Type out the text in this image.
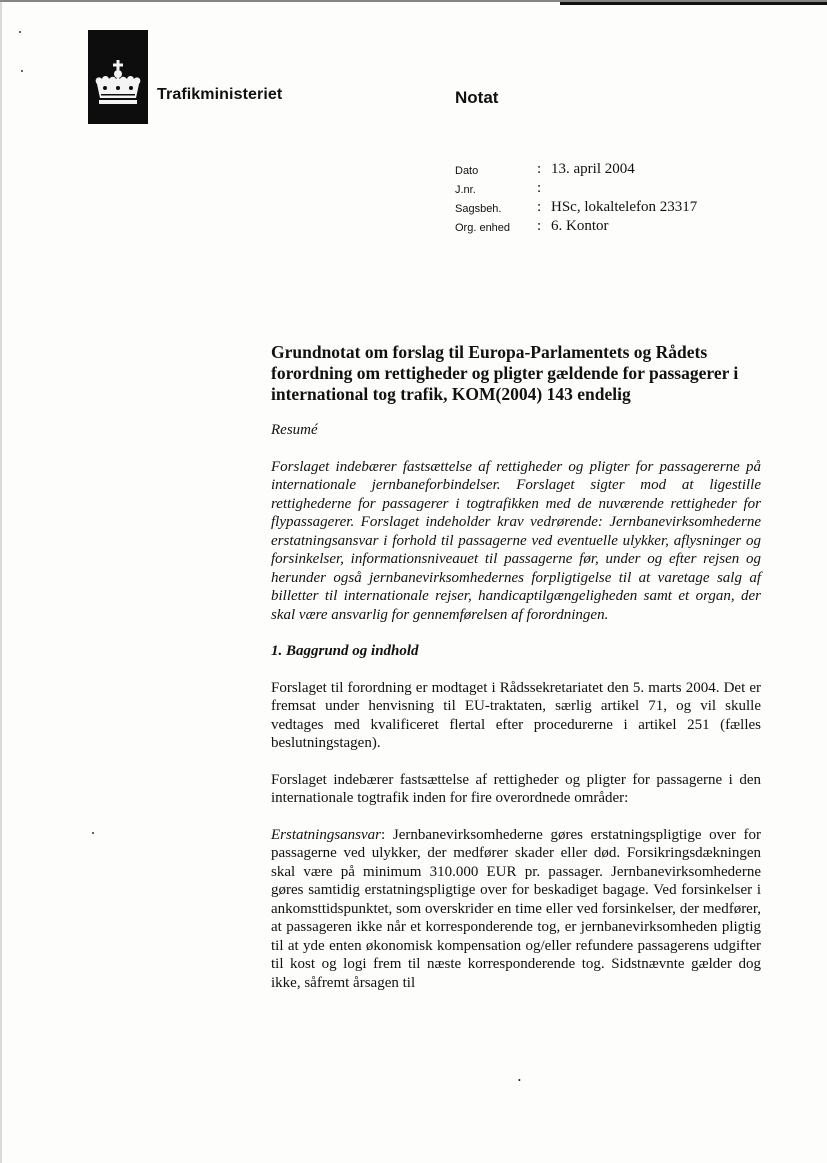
Trafikministeriet	Notat
Dato	: 13. april 2004
J.nr.	:
Sagsbeh. : HSc, lokaltelefon 23317
Org. enhed : 6. Kontor

Grundnotat om forslag til Europa-Parlamentets og Rådets forordning om rettigheder og pligter gældende for passagerer i international tog trafik, KOM(2004) 143 endelig

Resumé

Forslaget indebærer fastsættelse af rettigheder og pligter for passagererne på internationale jernbaneforbindelser. Forslaget sigter mod at ligestille rettighederne for passagerer i togtrafikken med de nuværende rettigheder for flypassagerer. Forslaget indeholder krav vedrørende: Jernbanevirksomhederne erstatningsansvar i forhold til passagerne ved eventuelle ulykker, aflysninger og forsinkelser, informationsniveauet til passagerne før, under og efter rejsen og herunder også jernbanevirksomhedernes forpligtigelse til at varetage salg af billetter til internationale rejser, handicaptilgængeligheden samt et organ, der skal være ansvarlig for gennemførelsen af forordningen.

1. Baggrund og indhold

Forslaget til forordning er modtaget i Rådssekretariatet den 5. marts 2004. Det er fremsat under henvisning til EU-traktaten, særlig artikel 71, og vil skulle vedtages med kvalificeret flertal efter procedurerne i artikel 251 (fælles beslutningstagen).

Forslaget indebærer fastsættelse af rettigheder og pligter for passagerne i den internationale togtrafik inden for fire overordnede områder:

Erstatningsansvar: Jernbanevirksomhederne gøres erstatningspligtige over for passagerne ved ulykker, der medfører skader eller død. Forsikringsdækningen skal være på minimum 310.000 EUR pr. passager. Jernbanevirksomhederne gøres samtidig erstatningspligtige over for beskadiget bagage. Ved forsinkelser i ankomsttidspunktet, som overskrider en time eller ved forsinkelser, der medfører, at passageren ikke når et korresponderende tog, er jernbanevirksomheden pligtig til at yde enten økonomisk kompensation og/eller refundere passagerens udgifter til kost og logi frem til næste korresponderende tog. Sidstnævnte gælder dog ikke, såfremt årsagen til

•
